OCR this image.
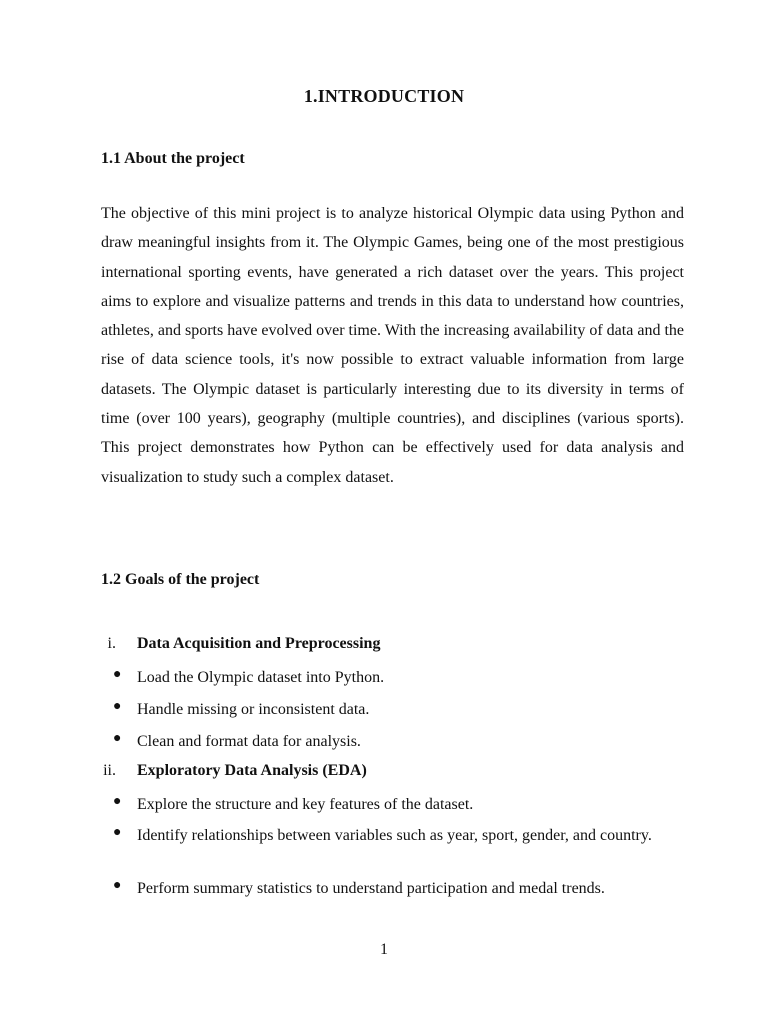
1.INTRODUCTION
1.1 About the project

The objective of this mini project is to analyze historical Olympic data using Python and draw meaningful insights from it. The Olympic Games, being one of the most prestigious international sporting events, have generated a rich dataset over the years. This project aims to explore and visualize patterns and trends in this data to understand how countries, athletes, and sports have evolved over time. With the increasing availability of data and the rise of data science tools, it's now possible to extract valuable information from large datasets. The Olympic dataset is particularly interesting due to its diversity in terms of time (over 100 years), geography (multiple countries), and disciplines (various sports). This project demonstrates how Python can be effectively used for data analysis and visualization to study such a complex dataset.

1.2 Goals of the project
i. Data Acquisition and Preprocessing
● Load the Olympic dataset into Python.
● Handle missing or inconsistent data.
● Clean and format data for analysis.
ii. Exploratory Data Analysis (EDA)
● Explore the structure and key features of the dataset.
● Identify relationships between variables such as year, sport, gender, and country.
● Perform summary statistics to understand participation and medal trends.
1
